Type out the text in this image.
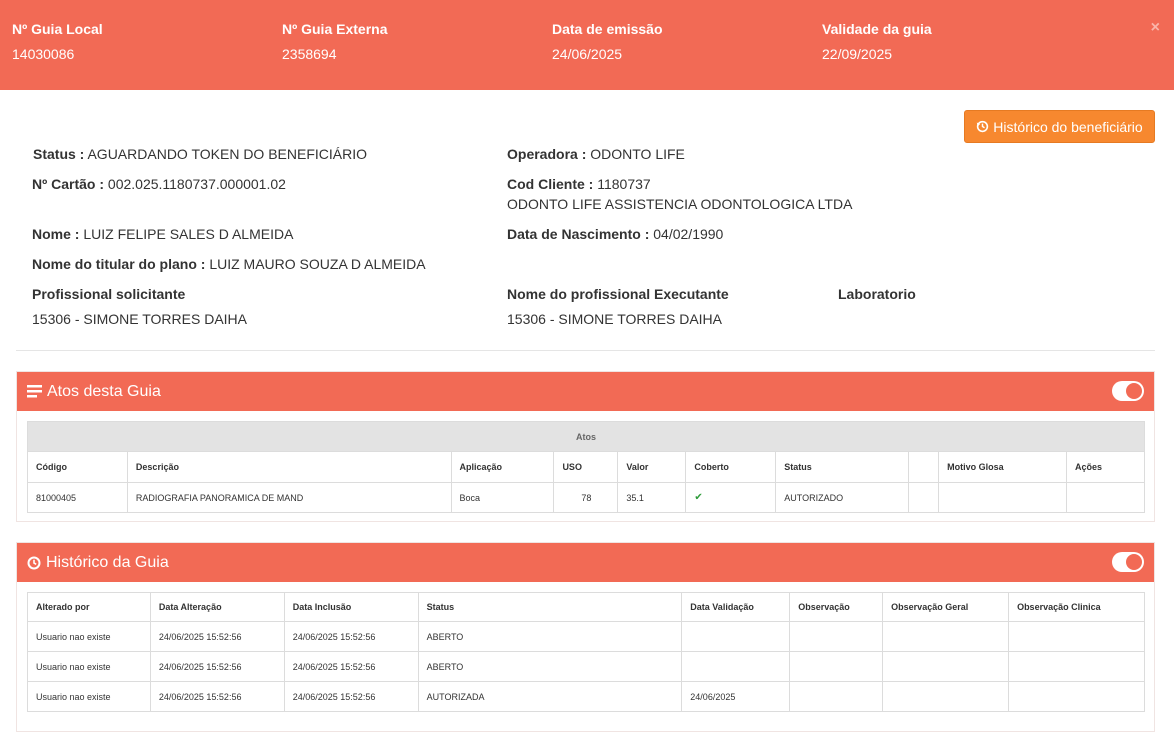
Nº Guia Local
14030086
Nº Guia Externa
2358694
Data de emissão
24/06/2025
Validade da guia
22/09/2025
×
Histórico do beneficiário
Status : AGUARDANDO TOKEN DO BENEFICIÁRIO	Operadora : ODONTO LIFE
Nº Cartão : 002.025.1180737.000001.02	Cod Cliente : 1180737
ODONTO LIFE ASSISTENCIA ODONTOLOGICA LTDA
Nome : LUIZ FELIPE SALES D ALMEIDA	Data de Nascimento : 04/02/1990
Nome do titular do plano : LUIZ MAURO SOUZA D ALMEIDA
Profissional solicitante
15306 - SIMONE TORRES DAIHA
Nome do profissional Executante
15306 - SIMONE TORRES DAIHA
Laboratorio
Atos desta Guia
Atos									
Código	Descrição	Aplicação	USO	Valor	Coberto	Status		Motivo Glosa	Ações
81000405	RADIOGRAFIA PANORAMICA DE MAND	Boca	78	35.1	✔	AUTORIZADO			
Histórico da Guia
Alterado por	Data Alteração	Data Inclusão	Status	Data Validação	Observação	Observação Geral	Observação Clinica
Usuario nao existe	24/06/2025 15:52:56	24/06/2025 15:52:56	ABERTO				
Usuario nao existe	24/06/2025 15:52:56	24/06/2025 15:52:56	ABERTO				
Usuario nao existe	24/06/2025 15:52:56	24/06/2025 15:52:56	AUTORIZADA	24/06/2025			
